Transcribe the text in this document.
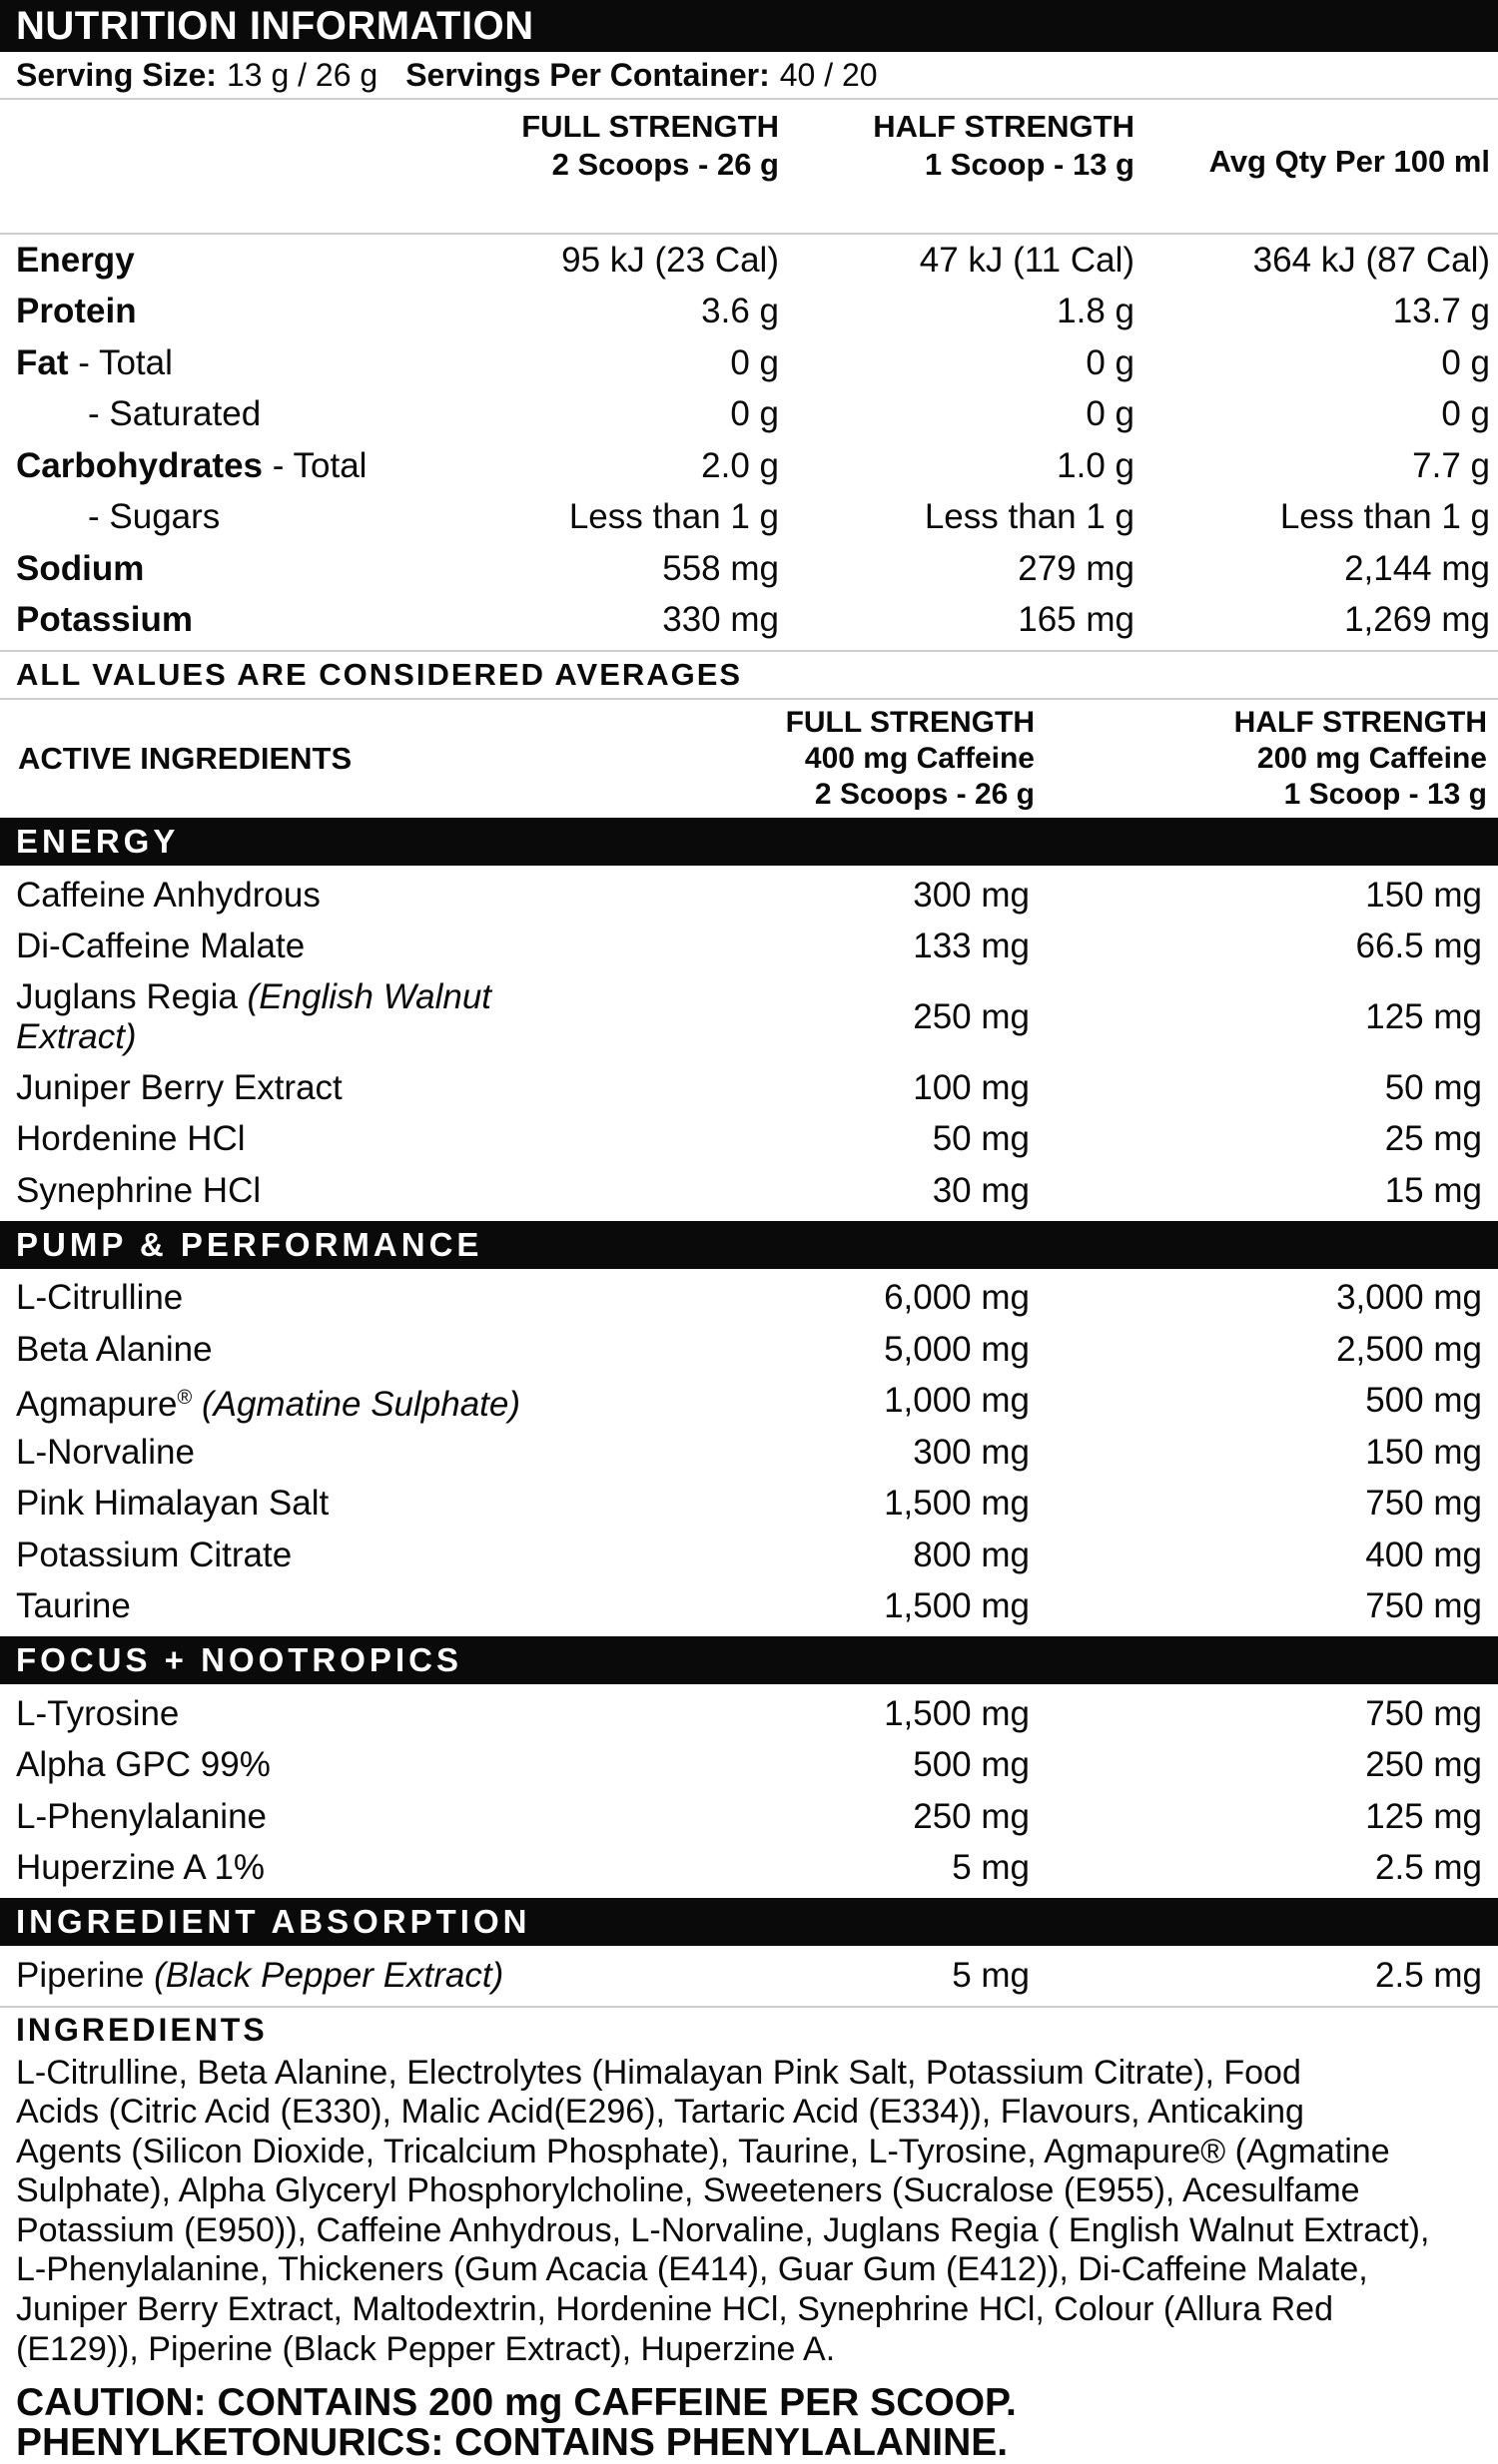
NUTRITION INFORMATION
Serving Size: 13 g / 26 g Servings Per Container: 40 / 20
FULL STRENGTH
2 Scoops - 26 g
HALF STRENGTH
1 Scoop - 13 g	Avg Qty Per 100 ml
Energy	95 kJ (23 Cal)	47 kJ (11 Cal)	364 kJ (87 Cal)
Protein	3.6 g	1.8 g	13.7 g
Fat - Total	0 g	0 g	0 g
- Saturated	0 g	0 g	0 g
Carbohydrates - Total	2.0 g	1.0 g	7.7 g
- Sugars	Less than 1 g	Less than 1 g	Less than 1 g
Sodium	558 mg	279 mg	2,144 mg
Potassium	330 mg	165 mg	1,269 mg
ALL VALUES ARE CONSIDERED AVERAGES
ACTIVE INGREDIENTS
FULL STRENGTH
400 mg Caffeine
2 Scoops - 26 g
HALF STRENGTH
200 mg Caffeine
1 Scoop - 13 g
ENERGY
Caffeine Anhydrous	300 mg	150 mg
Di-Caffeine Malate	133 mg	66.5 mg
Juglans Regia (English Walnut Extract)
250 mg	125 mg
Juniper Berry Extract	100 mg	50 mg
Hordenine HCl	50 mg	25 mg
Synephrine HCl	30 mg	15 mg
PUMP & PERFORMANCE
L-Citrulline	6,000 mg	3,000 mg
Beta Alanine	5,000 mg	2,500 mg
Agmapure® (Agmatine Sulphate)	1,000 mg	500 mg
L-Norvaline	300 mg	150 mg
Pink Himalayan Salt	1,500 mg	750 mg
Potassium Citrate	800 mg	400 mg
Taurine	1,500 mg	750 mg
FOCUS + NOOTROPICS
L-Tyrosine	1,500 mg	750 mg
Alpha GPC 99%	500 mg	250 mg
L-Phenylalanine	250 mg	125 mg
Huperzine A 1%	5 mg	2.5 mg
INGREDIENT ABSORPTION
Piperine (Black Pepper Extract)	5 mg	2.5 mg
INGREDIENTS
L-Citrulline, Beta Alanine, Electrolytes (Himalayan Pink Salt, Potassium Citrate), Food
Acids (Citric Acid (E330), Malic Acid(E296), Tartaric Acid (E334)), Flavours, Anticaking
Agents (Silicon Dioxide, Tricalcium Phosphate), Taurine, L-Tyrosine, Agmapure® (Agmatine
Sulphate), Alpha Glyceryl Phosphorylcholine, Sweeteners (Sucralose (E955), Acesulfame
Potassium (E950)), Caffeine Anhydrous, L-Norvaline, Juglans Regia ( English Walnut Extract),
L-Phenylalanine, Thickeners (Gum Acacia (E414), Guar Gum (E412)), Di-Caffeine Malate,
Juniper Berry Extract, Maltodextrin, Hordenine HCl, Synephrine HCl, Colour (Allura Red
(E129)), Piperine (Black Pepper Extract), Huperzine A.
CAUTION: CONTAINS 200 mg CAFFEINE PER SCOOP.
PHENYLKETONURICS: CONTAINS PHENYLALANINE.
